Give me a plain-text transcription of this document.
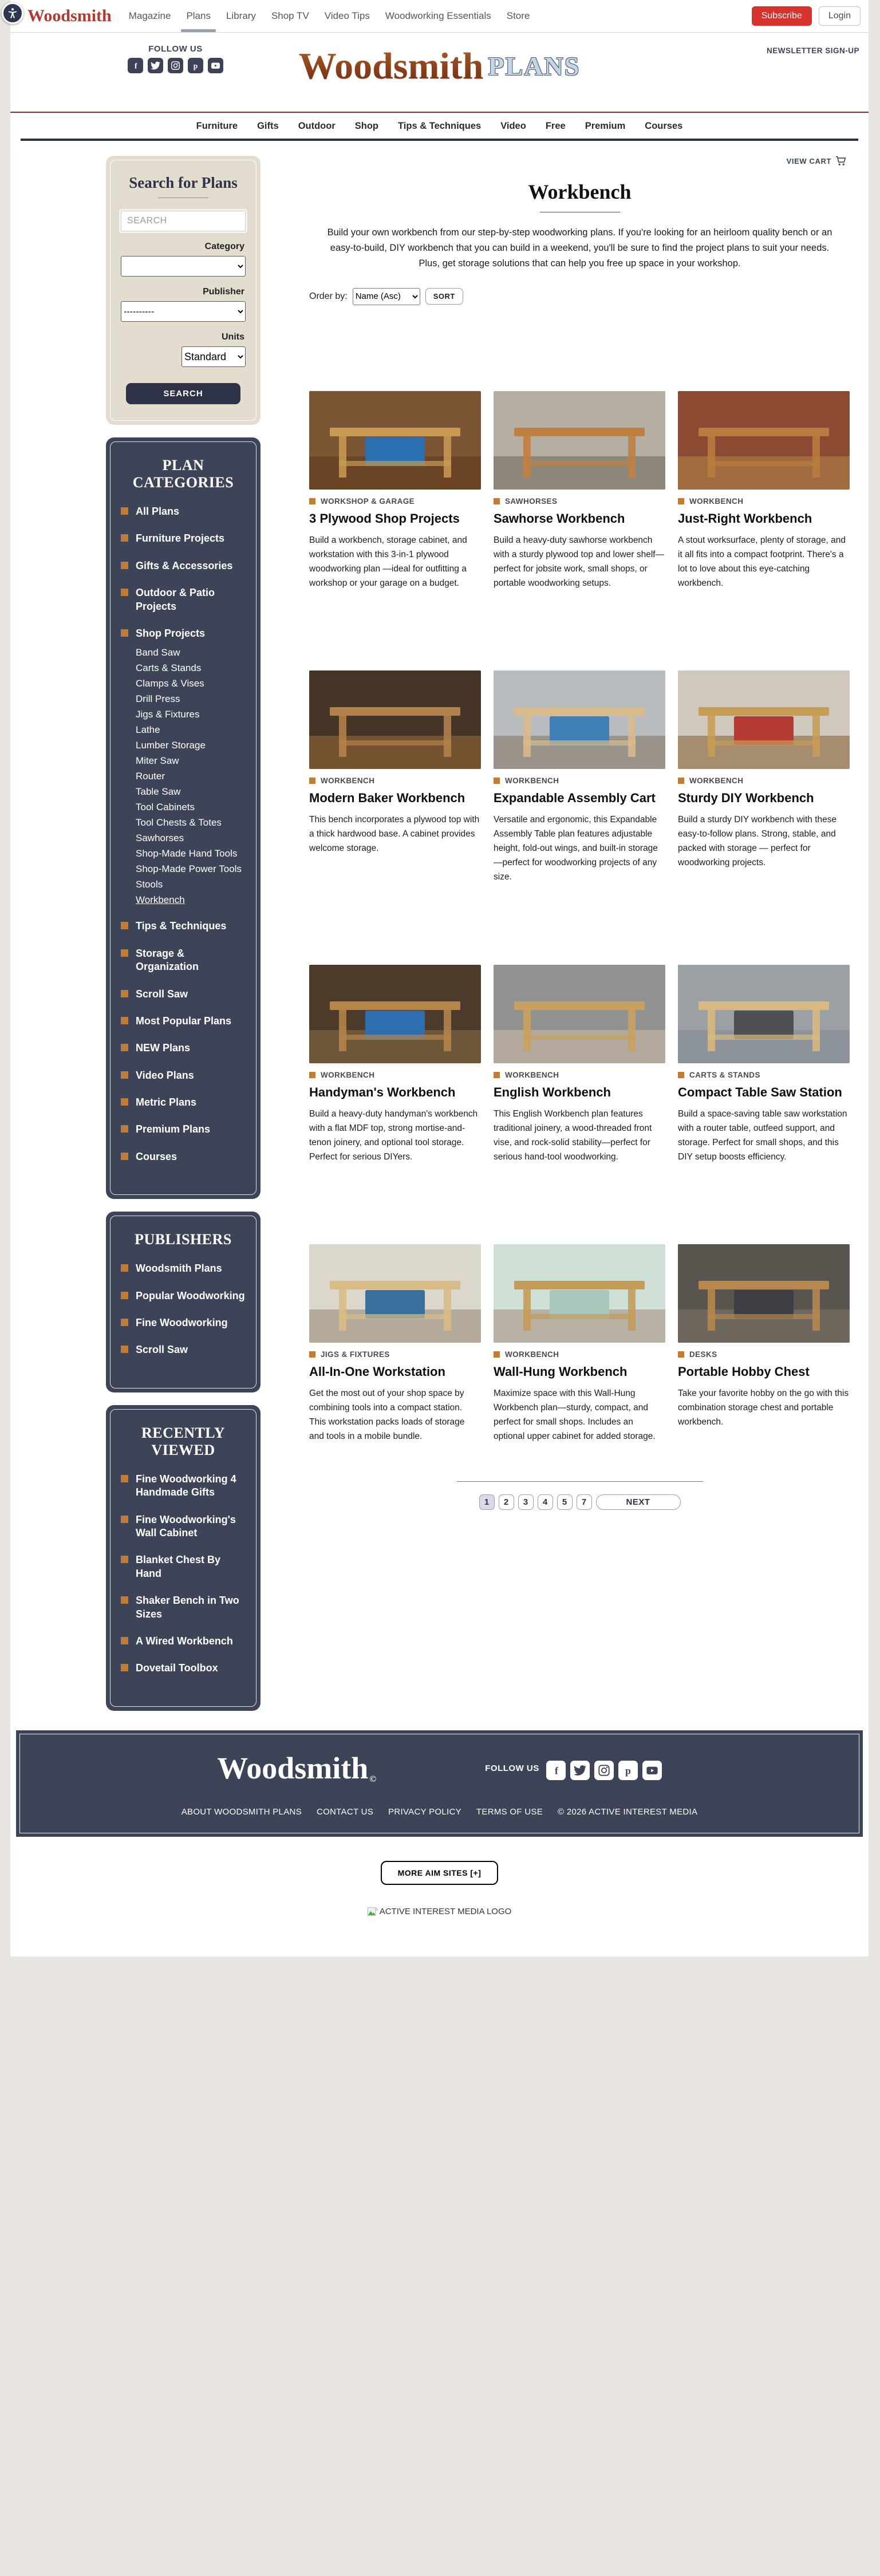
Woodsmith Magazine Plans Library Shop TV Video Tips Woodworking Essentials Store	Subscribe	Login
FOLLOW US
f	p	Woodsmith PLANS
NEWSLETTER SIGN-UP
Furniture Gifts Outdoor Shop Tips & Techniques Video Free Premium Courses
Search for Plans
SEARCH
Category
Publisher
----------
Units
Standard
SEARCH
PLAN CATEGORIES
All Plans
Furniture Projects
Gifts & Accessories
Outdoor & Patio Projects
Shop Projects
Band Saw
Carts & Stands
Clamps & Vises
Drill Press
Jigs & Fixtures
Lathe
Lumber Storage
Miter Saw
Router
Table Saw
Tool Cabinets
Tool Chests & Totes
Sawhorses
Shop-Made Hand Tools
Shop-Made Power Tools
Stools
Workbench
Tips & Techniques
Storage & Organization
Scroll Saw
Most Popular Plans
NEW Plans
Video Plans
Metric Plans
Premium Plans
Courses
PUBLISHERS
Woodsmith Plans
Popular Woodworking
Fine Woodworking
Scroll Saw
RECENTLY VIEWED
Fine Woodworking 4 Handmade Gifts
Fine Woodworking's Wall Cabinet
Blanket Chest By Hand
Shaker Bench in Two Sizes
A Wired Workbench
Dovetail Toolbox
VIEW CART
Workbench

Build your own workbench from our step-by-step woodworking plans. If you're looking for an heirloom quality bench or an easy-to-build, DIY workbench that you can build in a weekend, you'll be sure to find the project plans to suit your needs. Plus, get storage solutions that can help you free up space in your workshop.

Order by:
Name (Asc)	SORT
WORKSHOP & GARAGE
3 Plywood Shop Projects

Build a workbench, storage cabinet, and workstation with this 3-in-1 plywood woodworking plan —ideal for outfitting a workshop or your garage on a budget.

SAWHORSES
Sawhorse Workbench

Build a heavy-duty sawhorse workbench with a sturdy plywood top and lower shelf—perfect for jobsite work, small shops, or portable woodworking setups.

WORKBENCH
Just-Right Workbench

A stout worksurface, plenty of storage, and it all fits into a compact footprint. There's a lot to love about this eye-catching workbench.

WORKBENCH
Modern Baker Workbench

This bench incorporates a plywood top with a thick hardwood base. A cabinet provides welcome storage.

WORKBENCH
Expandable Assembly Cart

Versatile and ergonomic, this Expandable Assembly Table plan features adjustable height, fold-out wings, and built-in storage—perfect for woodworking projects of any size.

WORKBENCH
Sturdy DIY Workbench

Build a sturdy DIY workbench with these easy-to-follow plans. Strong, stable, and packed with storage — perfect for woodworking projects.

WORKBENCH
Handyman's Workbench

Build a heavy-duty handyman's workbench with a flat MDF top, strong mortise-and-tenon joinery, and optional tool storage. Perfect for serious DIYers.

WORKBENCH
English Workbench

This English Workbench plan features traditional joinery, a wood-threaded front vise, and rock-solid stability—perfect for serious hand-tool woodworking.

CARTS & STANDS
Compact Table Saw Station

Build a space-saving table saw workstation with a router table, outfeed support, and storage. Perfect for small shops, and this DIY setup boosts efficiency.

JIGS & FIXTURES
All-In-One Workstation

Get the most out of your shop space by combining tools into a compact station. This workstation packs loads of storage and tools in a mobile bundle.

WORKBENCH
Wall-Hung Workbench

Maximize space with this Wall-Hung Workbench plan—sturdy, compact, and perfect for small shops. Includes an optional upper cabinet for added storage.

DESKS
Portable Hobby Chest

Take your favorite hobby on the go with this combination storage chest and portable workbench.

1	2	3	4	5	7	NEXT
Woodsmith ©
FOLLOW US f	p
ABOUT WOODSMITH PLANS CONTACT US PRIVACY POLICY TERMS OF USE © 2026 ACTIVE INTEREST MEDIA
MORE AIM SITES [+]
ACTIVE INTEREST MEDIA LOGO
